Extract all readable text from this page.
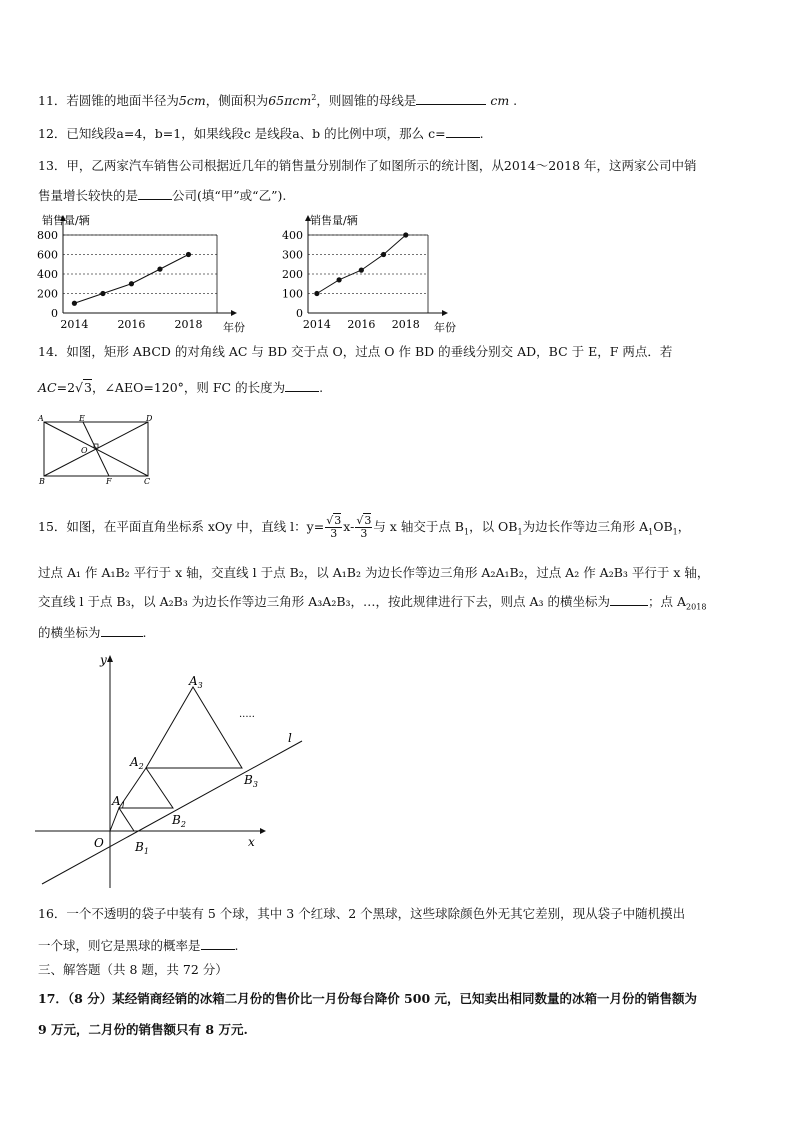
11．若圆锥的地面半径为5cm，侧面积为65πcm$^2$，则圆锥的母线是	cm .
12．已知线段a=4，b=1，如果线段c 是线段a、b 的比例中项，那么 c=	.
13．甲，乙两家汽车销售公司根据近几年的销售量分别制作了如图所示的统计图，从2014～2018 年，这两家公司中销
售量增长较快的是	公司(填“甲”或“乙”).
0
200
400
600
800
销售量/辆
年份
2014	2016	2018
0
100
200
300
400
销售量/辆
年份
2014 2016 2018
14．如图，矩形 ABCD 的对角线 AC 与 BD 交于点 O，过点 O 作 BD 的垂线分别交 AD，BC 于 E，F 两点．若
AC=2√3，∠AEO=120°，则 FC 的长度为	.
A	E	D
O
B	F	C
15．如图，在平面直角坐标系 xOy 中，直线 l：$y= \frac{√3}{3} x- \frac{√3}{3}$ 与 x 轴交于点 $B_1$，以 $OB_1$为边长作等边三角形 $A_1OB_1$，
过点 A₁ 作 A₁B₂ 平行于 x 轴，交直线 l 于点 B₂，以 A₁B₂ 为边长作等边三角形 A₂A₁B₂，过点 A₂ 作 A₂B₃ 平行于 x 轴，
交直线 l 于点 B₃，以 A₂B₃ 为边长作等边三角形 A₃A₂B₃，…，按此规律进行下去，则点 A₃ 的横坐标为	；点 $A_{2018}$
的横坐标为	.
y
x
l
O	$B_1$
$A_1$
$B_2$
$A_2$
$B_3$
$A_3$
.....
16．一个不透明的袋子中装有 5 个球，其中 3 个红球、2 个黑球，这些球除颜色外无其它差别，现从袋子中随机摸出
一个球，则它是黑球的概率是	.
三、解答题（共 8 题，共 72 分）
17．（8 分）某经销商经销的冰箱二月份的售价比一月份每台降价 500 元，已知卖出相同数量的冰箱一月份的销售额为
9 万元，二月份的销售额只有 8 万元.
